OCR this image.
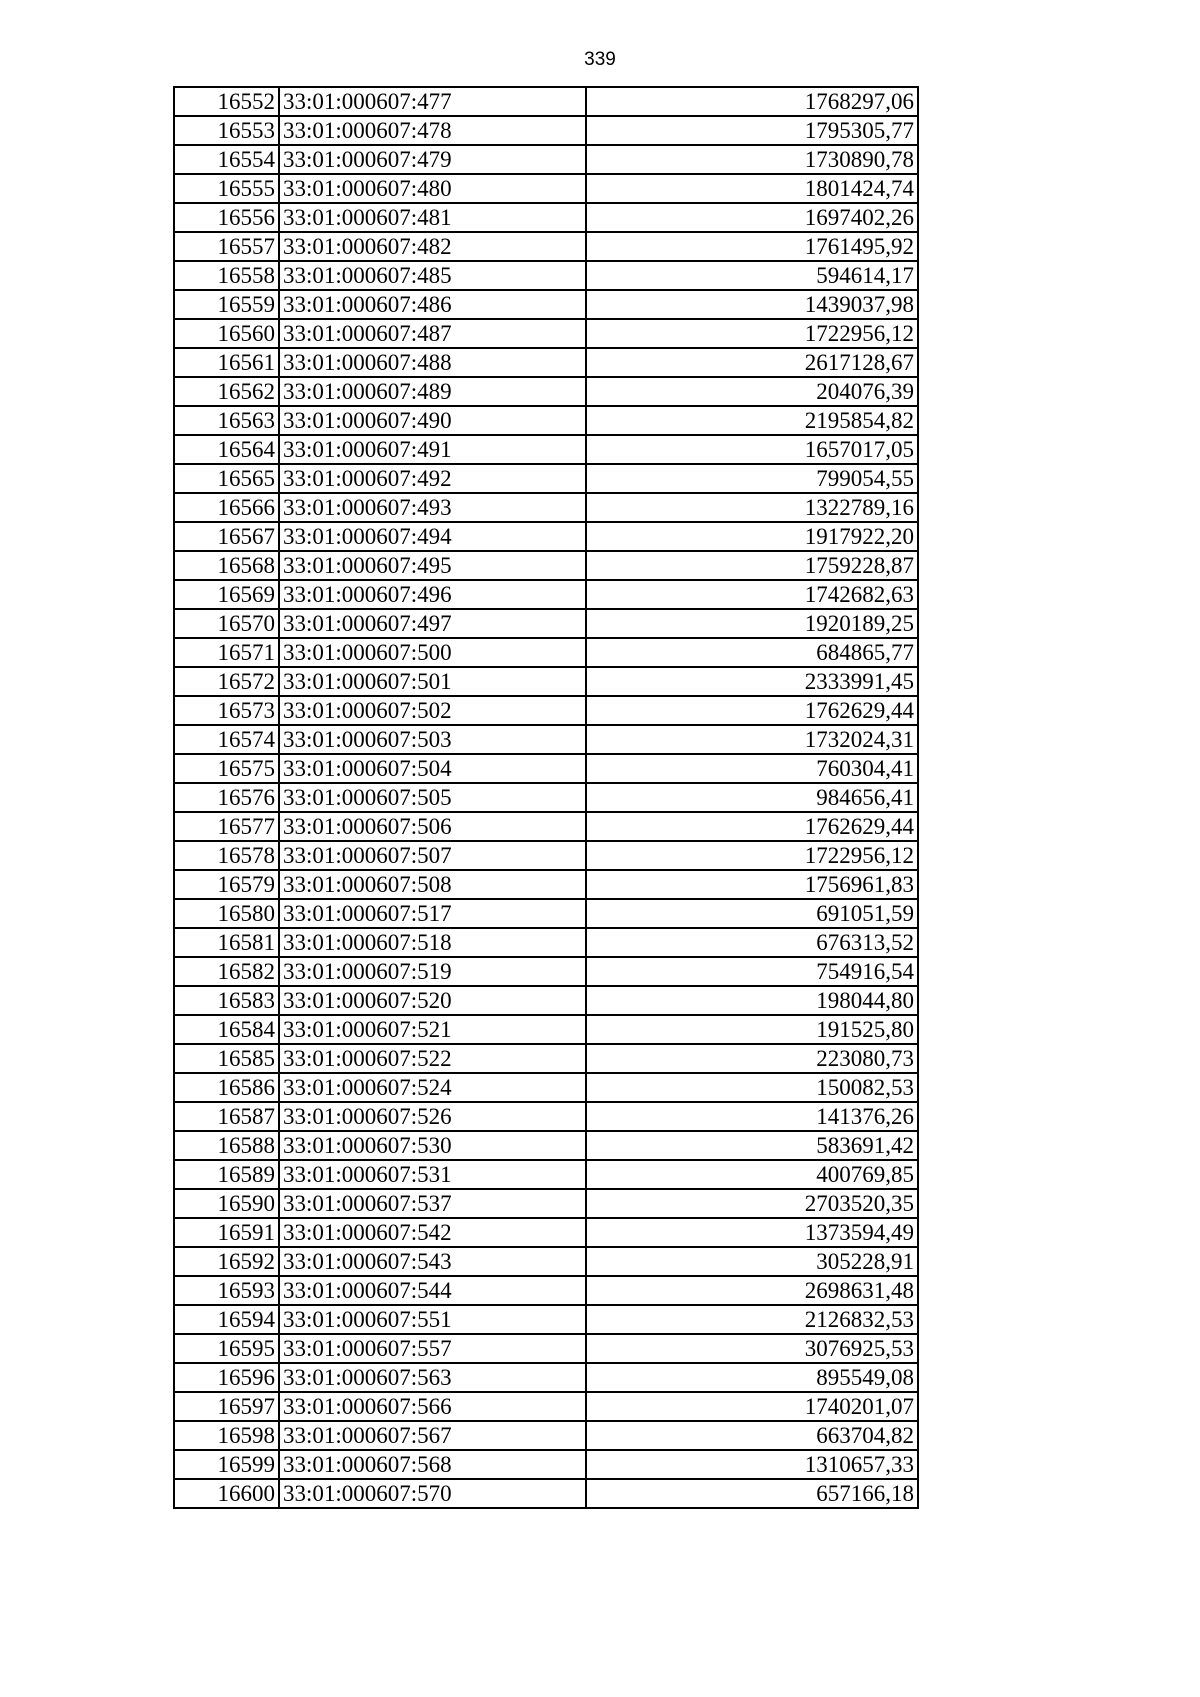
339
16552	33:01:000607:477	1768297,06
16553	33:01:000607:478	1795305,77
16554	33:01:000607:479	1730890,78
16555	33:01:000607:480	1801424,74
16556	33:01:000607:481	1697402,26
16557	33:01:000607:482	1761495,92
16558	33:01:000607:485	594614,17
16559	33:01:000607:486	1439037,98
16560	33:01:000607:487	1722956,12
16561	33:01:000607:488	2617128,67
16562	33:01:000607:489	204076,39
16563	33:01:000607:490	2195854,82
16564	33:01:000607:491	1657017,05
16565	33:01:000607:492	799054,55
16566	33:01:000607:493	1322789,16
16567	33:01:000607:494	1917922,20
16568	33:01:000607:495	1759228,87
16569	33:01:000607:496	1742682,63
16570	33:01:000607:497	1920189,25
16571	33:01:000607:500	684865,77
16572	33:01:000607:501	2333991,45
16573	33:01:000607:502	1762629,44
16574	33:01:000607:503	1732024,31
16575	33:01:000607:504	760304,41
16576	33:01:000607:505	984656,41
16577	33:01:000607:506	1762629,44
16578	33:01:000607:507	1722956,12
16579	33:01:000607:508	1756961,83
16580	33:01:000607:517	691051,59
16581	33:01:000607:518	676313,52
16582	33:01:000607:519	754916,54
16583	33:01:000607:520	198044,80
16584	33:01:000607:521	191525,80
16585	33:01:000607:522	223080,73
16586	33:01:000607:524	150082,53
16587	33:01:000607:526	141376,26
16588	33:01:000607:530	583691,42
16589	33:01:000607:531	400769,85
16590	33:01:000607:537	2703520,35
16591	33:01:000607:542	1373594,49
16592	33:01:000607:543	305228,91
16593	33:01:000607:544	2698631,48
16594	33:01:000607:551	2126832,53
16595	33:01:000607:557	3076925,53
16596	33:01:000607:563	895549,08
16597	33:01:000607:566	1740201,07
16598	33:01:000607:567	663704,82
16599	33:01:000607:568	1310657,33
16600	33:01:000607:570	657166,18
